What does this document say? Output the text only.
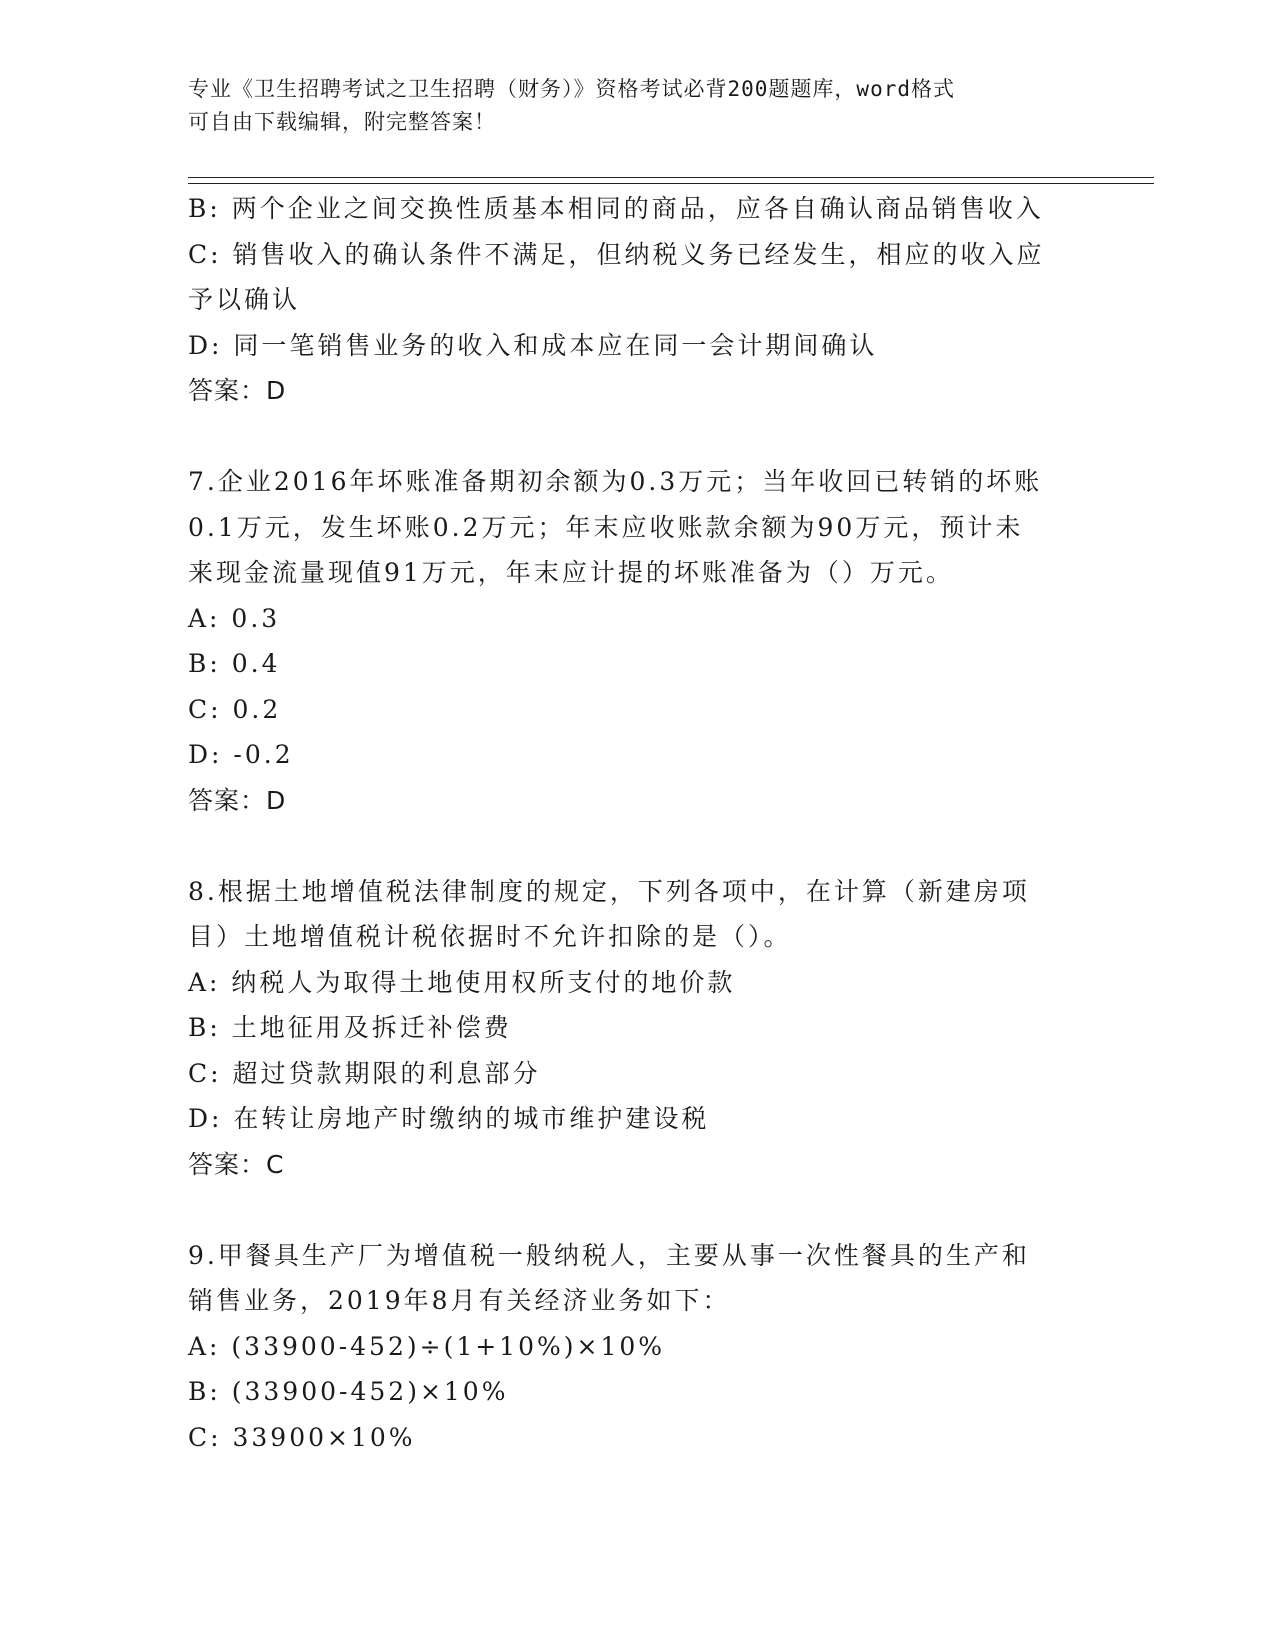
专业《卫生招聘考试之卫生招聘（财务）》资格考试必背200题题库，word格式
可自由下载编辑，附完整答案！
B: 两个企业之间交换性质基本相同的商品，应各自确认商品销售收入
C: 销售收入的确认条件不满足，但纳税义务已经发生，相应的收入应
予以确认
D: 同一笔销售业务的收入和成本应在同一会计期间确认
答案：D
7.企业2016年坏账准备期初余额为0.3万元；当年收回已转销的坏账
0.1万元，发生坏账0.2万元；年末应收账款余额为90万元，预计未
来现金流量现值91万元，年末应计提的坏账准备为（）万元。
A: 0.3
B: 0.4
C: 0.2
D: -0.2
答案：D
8.根据土地增值税法律制度的规定，下列各项中，在计算（新建房项
目）土地增值税计税依据时不允许扣除的是（）。
A: 纳税人为取得土地使用权所支付的地价款
B: 土地征用及拆迁补偿费
C: 超过贷款期限的利息部分
D: 在转让房地产时缴纳的城市维护建设税
答案：C
9.甲餐具生产厂为增值税一般纳税人，主要从事一次性餐具的生产和
销售业务，2019年8月有关经济业务如下：
A: (33900-452)÷(1+10%)×10%
B: (33900-452)×10%
C: 33900×10%
